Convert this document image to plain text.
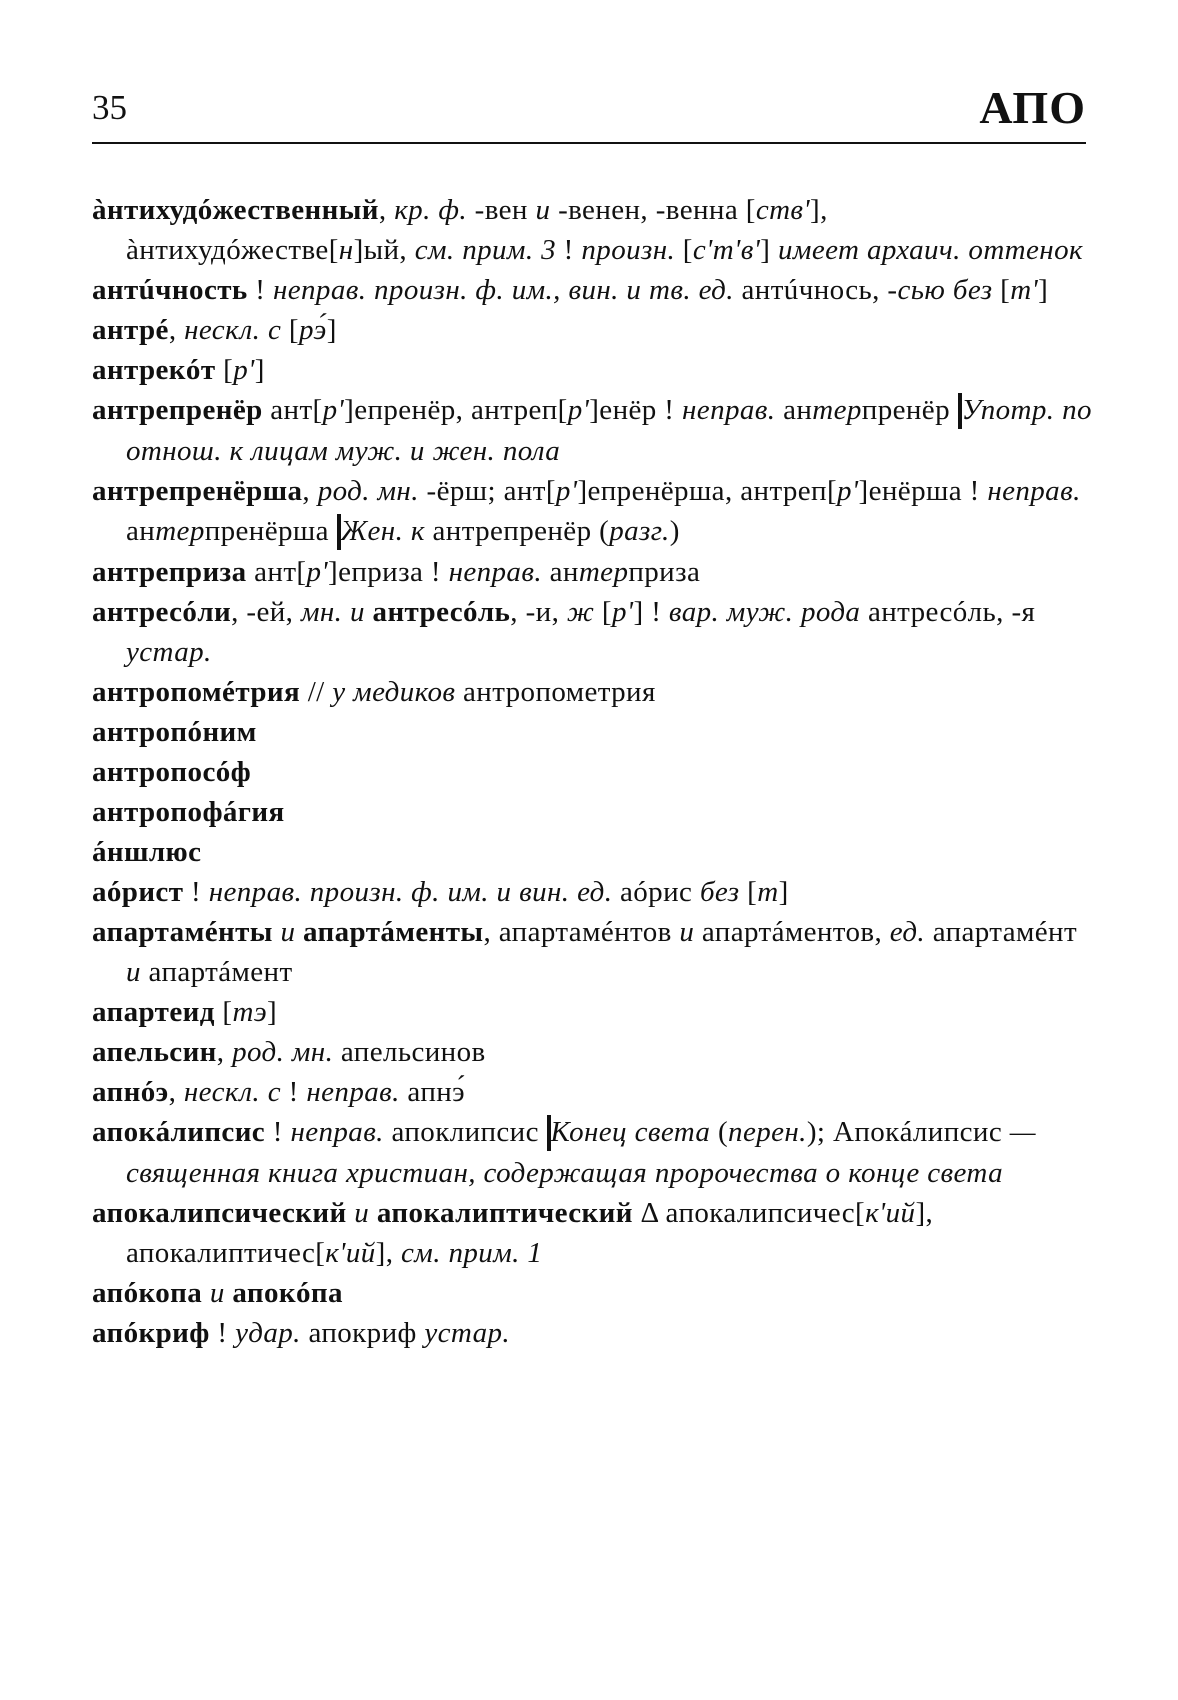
35	АПО

àнтихудóжественный, кр. ф. -вен и -венен, -венна [ств'], àнтихудóжестве[н]ый, см. прим. 3 ! произн. [с'т'в'] имеет архаич. оттенок

антúчность ! неправ. произн. ф. им., вин. и тв. ед. антúчнось, -сью без [т']

антрé, нескл. с [рэ́]

антрекóт [р']

антрепренёр ант[р']епренёр, антреп[р']енёр ! неправ. антерпренёр Употр. по отнош. к лицам муж. и жен. пола

антрепренёрша, род. мн. -ёрш; ант[р']епренёрша, антреп[р']енёрша ! неправ. антерпренёрша Жен. к антрепренёр (разг.)

антреприза ант[р']еприза ! неправ. антерприза

антресóли, -ей, мн. и антресóль, -и, ж [р'] ! вар. муж. рода антресóль, -я устар.

антропомéтрия // у медиков антропометрия

антропóним

антропосóф

антропофáгия

áншлюс

аóрист ! неправ. произн. ф. им. и вин. ед. аóрис без [т]

апартамéнты и апартáменты, апартамéнтов и апартáментов, ед. апартамéнт и апартáмент

апартеид [тэ]

апельсин, род. мн. апельсинов

апнóэ, нескл. с ! неправ. апнэ́

апокáлипсис ! неправ. апоклипсис Конец света (перен.); Апокáлипсис — священная книга христиан, содержащая пророчества о конце света

апокалипсический и апокалиптический Δ апокалипсичес[к'ий], апокалиптичес[к'ий], см. прим. 1

апóкопа и апокóпа

апóкриф ! удар. апокриф устар.
